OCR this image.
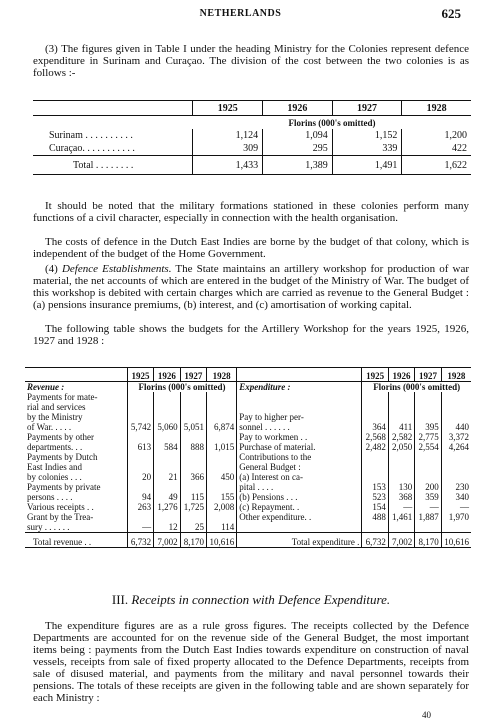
NETHERLANDS	625

(3) The figures given in Table I under the heading Ministry for the Colonies represent defence expenditure in Surinam and Curaçao. The division of the cost between the two colonies is as follows :-

	1925	1926	1927	1928
	Florins (000's omitted)			
Surinam . . . . . . . . . .	1,124	1,094	1,152	1,200
Curaçao. . . . . . . . . . .	309	295	339	422
Total . . . . . . . .	1,433	1,389	1,491	1,622

It should be noted that the military formations stationed in these colonies perform many functions of a civil character, especially in connection with the health organisation.

The costs of defence in the Dutch East Indies are borne by the budget of that colony, which is independent of the budget of the Home Government.

(4) Defence Establishments. The State maintains an artillery workshop for production of war material, the net accounts of which are entered in the budget of the Ministry of War. The budget of this workshop is debited with certain charges which are carried as revenue to the General Budget : (a) pensions insurance premiums, (b) interest, and (c) amortisation of working capital.

The following table shows the budgets for the Artillery Workshop for the years 1925, 1926, 1927 and 1928 :

	1925	1926	1927	1928		1925	1926	1927	1928
Revenue :	Florins (000's omitted)				Expenditure :	Florins (000's omitted)			
Payments for mate-									
rial and services									
by the Ministry					Pay to higher per-				
of War. . . . .	5,742	5,060	5,051	6,874	sonnel . . . . . .	364	411	395	440
Payments by other					Pay to workmen . .	2,568	2,582	2,775	3,372
departments. . .	613	584	888	1,015	Purchase of material.	2,482	2,050	2,554	4,264
Payments by Dutch					Contributions to the				
East Indies and					General Budget :				
by colonies . . .	20	21	366	450	(a) Interest on ca-				
Payments by private					pital . . . .	153	130	200	230
persons . . . .	94	49	115	155	(b) Pensions . . .	523	368	359	340
Various receipts . .	263	1,276	1,725	2,008	(c) Repayment. .	154	—	—	—
Grant by the Trea-					Other expenditure. .	488	1,461	1,887	1,970
sury . . . . . .	—	12	25	114					
Total revenue . .	6,732	7,002	8,170	10,616	Total expenditure .	6,732	7,002	8,170	10,616
III. Receipts in connection with Defence Expenditure.

The expenditure figures are as a rule gross figures. The receipts collected by the Defence Departments are accounted for on the revenue side of the General Budget, the most important items being : payments from the Dutch East Indies towards expenditure on construction of naval vessels, receipts from sale of fixed property allocated to the Defence Departments, receipts from sale of disused material, and payments from the military and naval personnel towards their pensions. The totals of these receipts are given in the following table and are shown separately for each Ministry :

40
